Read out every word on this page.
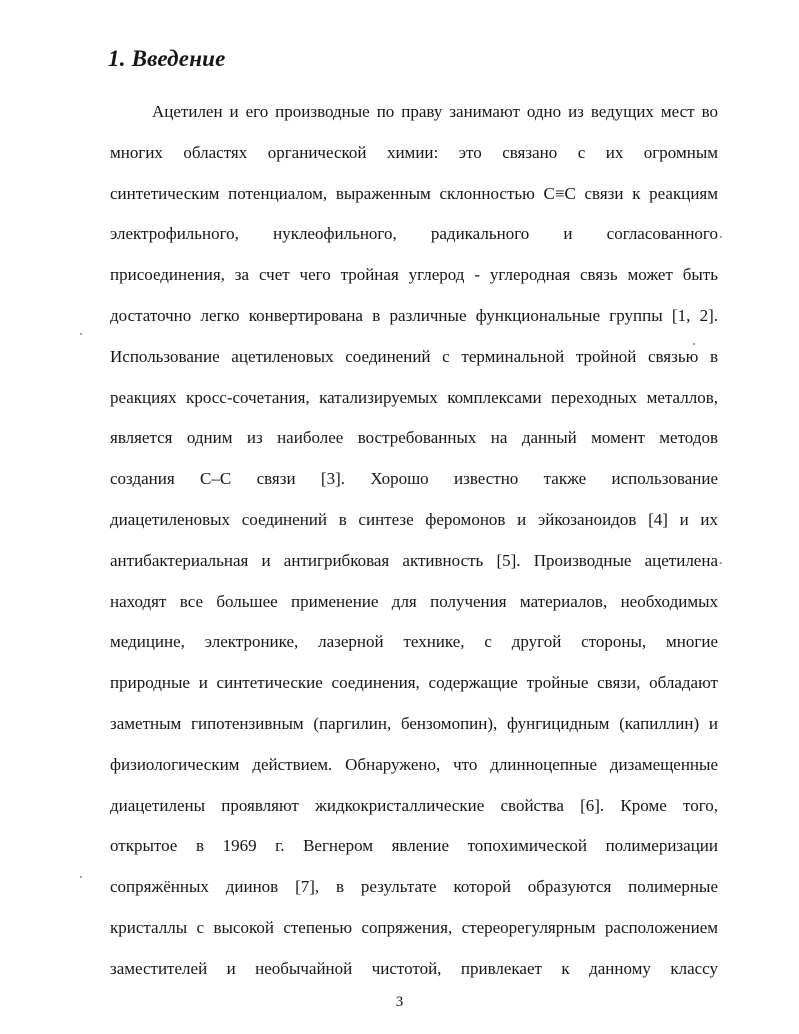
1. Введение
Ацетилен и его производные по праву занимают одно из ведущих мест во
многих областях органической химии: это связано с их огромным
синтетическим потенциалом, выраженным склонностью C≡C связи к реакциям
электрофильного, нуклеофильного, радикального и согласованного
присоединения, за счет чего тройная углерод - углеродная связь может быть
достаточно легко конвертирована в различные функциональные группы [1, 2].
Использование ацетиленовых соединений с терминальной тройной связью в
реакциях кросс-сочетания, катализируемых комплексами переходных металлов,
является одним из наиболее востребованных на данный момент методов
создания C–C связи [3]. Хорошо известно также использование
диацетиленовых соединений в синтезе феромонов и эйкозаноидов [4] и их
антибактериальная и антигрибковая активность [5]. Производные ацетилена
находят все большее применение для получения материалов, необходимых
медицине, электронике, лазерной технике, с другой стороны, многие
природные и синтетические соединения, содержащие тройные связи, обладают
заметным гипотензивным (паргилин, бензомопин), фунгицидным (капиллин) и
физиологическим действием. Обнаружено, что длинноцепные дизамещенные
диацетилены проявляют жидкокристаллические свойства [6]. Кроме того,
открытое в 1969 г. Вегнером явление топохимической полимеризации
сопряжённых диинов [7], в результате которой образуются полимерные
кристаллы с высокой степенью сопряжения, стереорегулярным расположением
заместителей и необычайной чистотой, привлекает к данному классу
3
